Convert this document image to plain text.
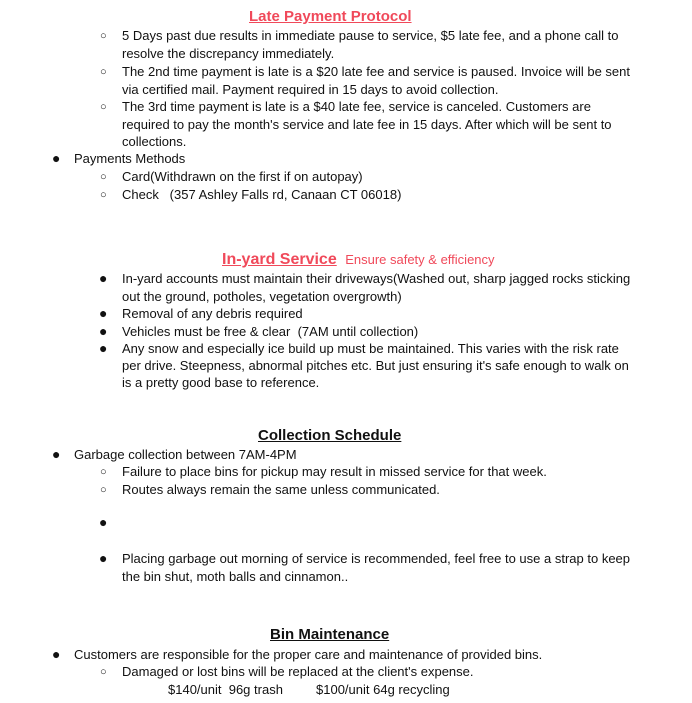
Late Payment Protocol
○ 5 Days past due results in immediate pause to service, $5 late fee, and a phone call to
resolve the discrepancy immediately.
○ The 2nd time payment is late is a $20 late fee and service is paused. Invoice will be sent
via certified mail. Payment required in 15 days to avoid collection.
○ The 3rd time payment is late is a $40 late fee, service is canceled. Customers are
required to pay the month's service and late fee in 15 days. After which will be sent to
collections.
● Payments Methods
○ Card(Withdrawn on the first if on autopay)
○ Check   (357 Ashley Falls rd, Canaan CT 06018)
In-yard Service Ensure safety & efficiency
● In-yard accounts must maintain their driveways(Washed out, sharp jagged rocks sticking
out the ground, potholes, vegetation overgrowth)
● Removal of any debris required
● Vehicles must be free & clear  (7AM until collection)
● Any snow and especially ice build up must be maintained. This varies with the risk rate
per drive. Steepness, abnormal pitches etc. But just ensuring it's safe enough to walk on
is a pretty good base to reference.
Collection Schedule
● Garbage collection between 7AM-4PM
○ Failure to place bins for pickup may result in missed service for that week.
○ Routes always remain the same unless communicated.
●
● Placing garbage out morning of service is recommended, feel free to use a strap to keep
the bin shut, moth balls and cinnamon..
Bin Maintenance
● Customers are responsible for the proper care and maintenance of provided bins.
○ Damaged or lost bins will be replaced at the client's expense.
$140/unit  96g trash	$100/unit 64g recycling
